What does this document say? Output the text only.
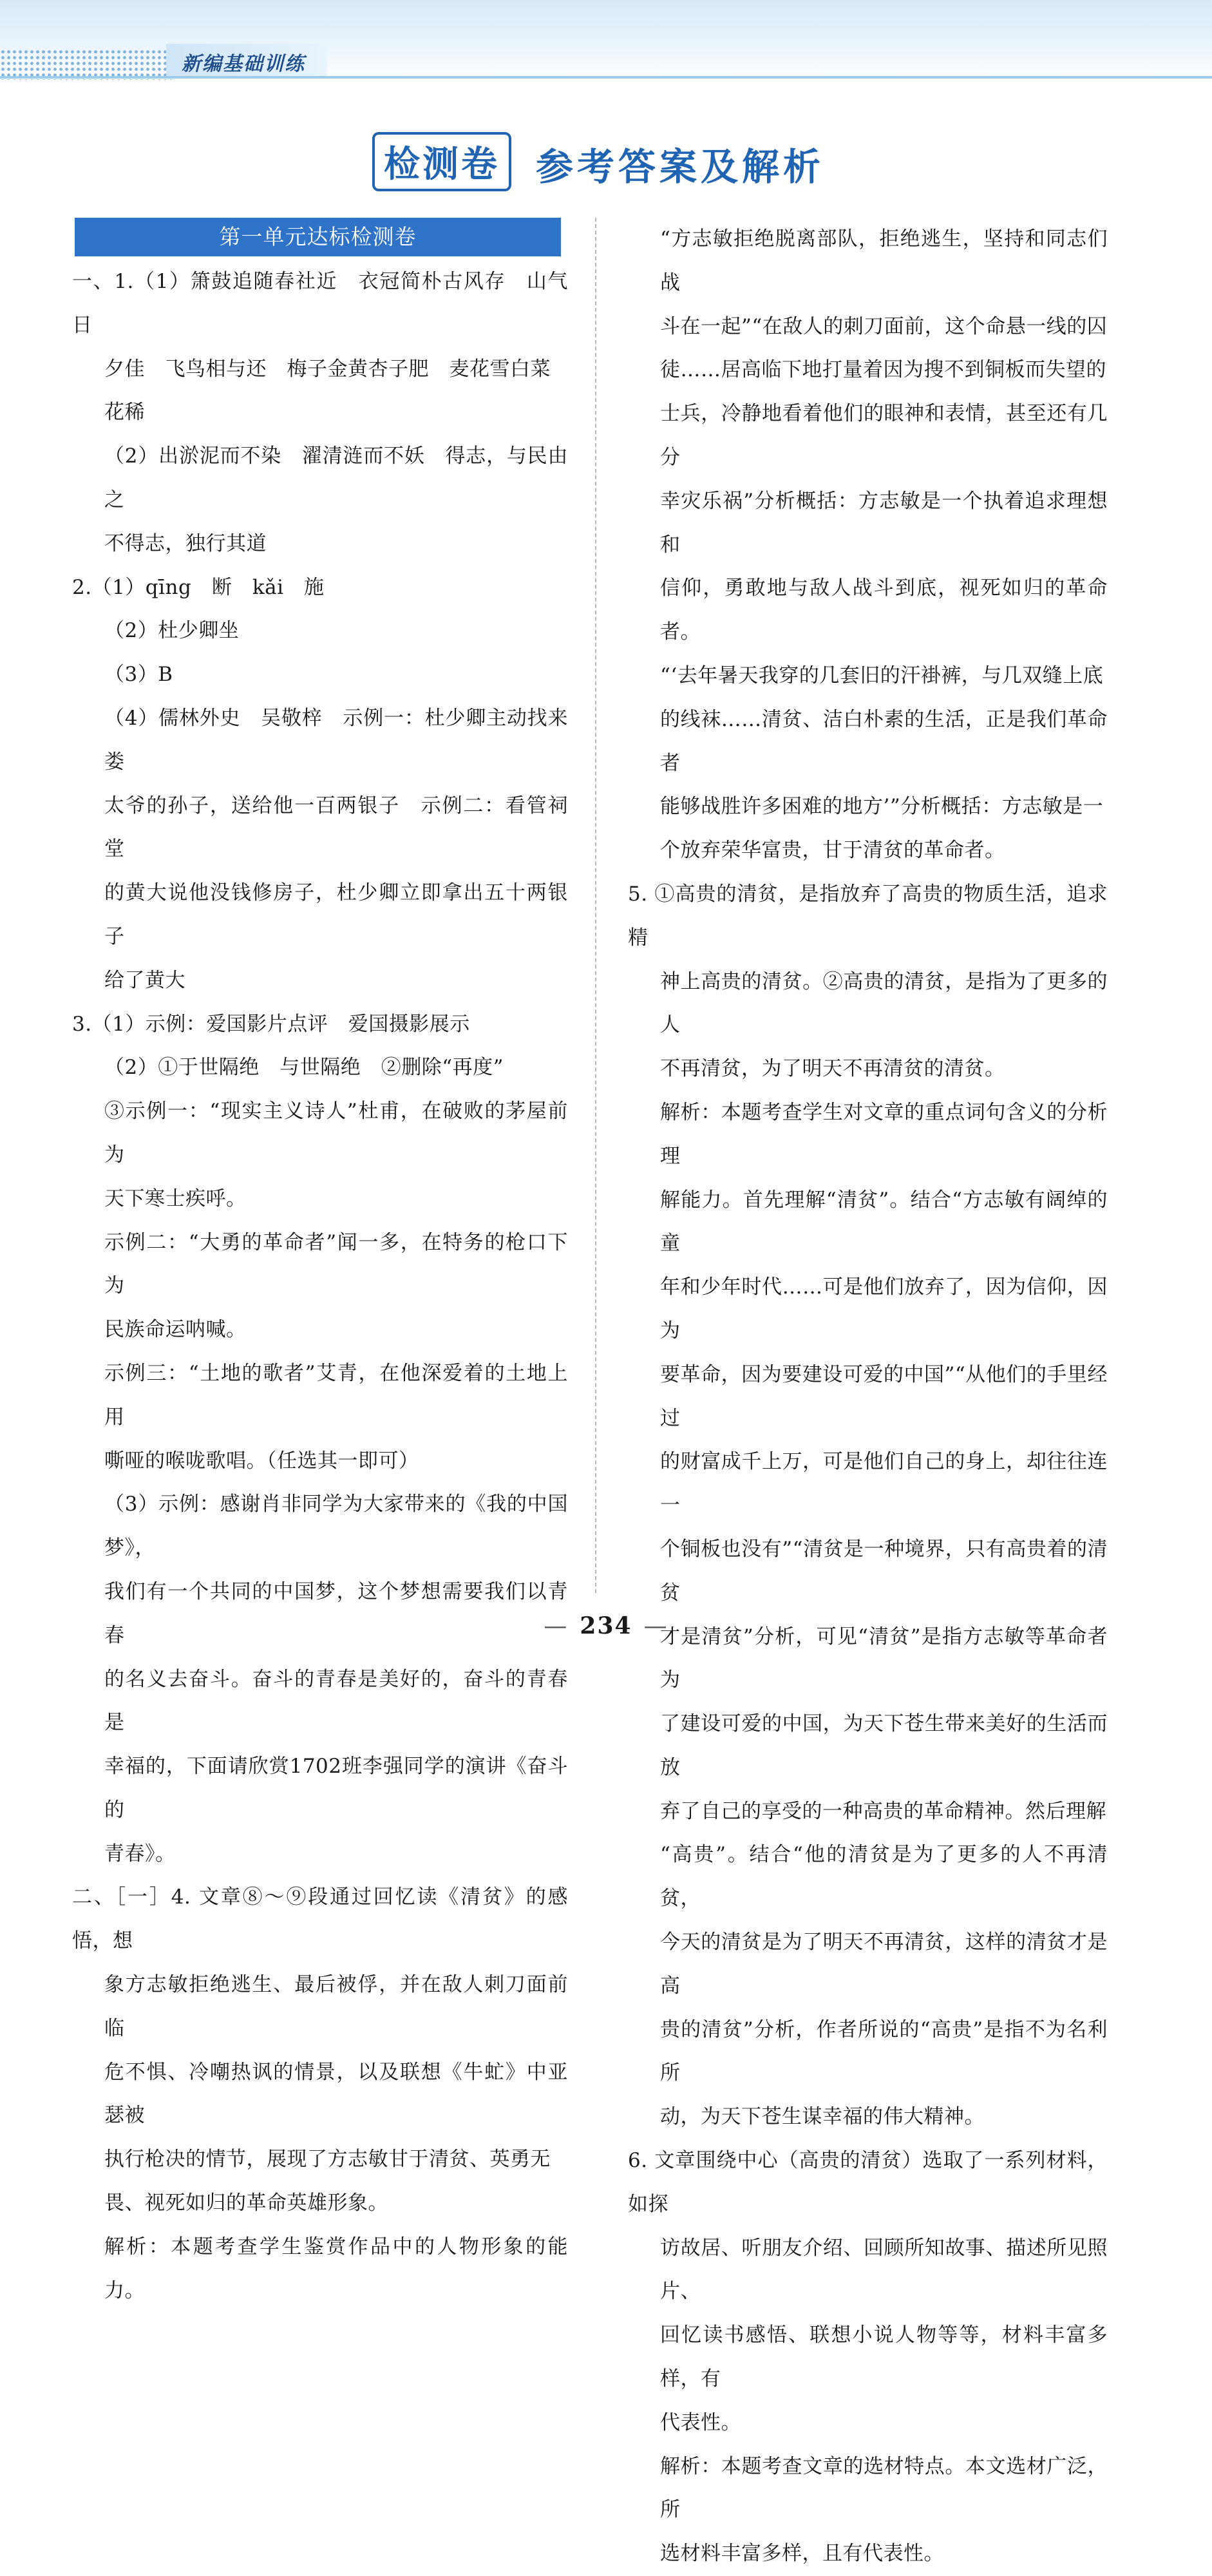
新编基础训练
检测卷 参考答案及解析
第一单元达标检测卷

一、1.（1）箫鼓追随春社近　衣冠简朴古风存　山气日

夕佳　飞鸟相与还　梅子金黄杏子肥　麦花雪白菜

花稀

（2）出淤泥而不染　濯清涟而不妖　得志，与民由之

不得志，独行其道

2.（1）qīng　断　kǎi　施

（2）杜少卿坐

（3）B

（4）儒林外史　吴敬梓　示例一：杜少卿主动找来娄

太爷的孙子，送给他一百两银子　示例二：看管祠堂

的黄大说他没钱修房子，杜少卿立即拿出五十两银子

给了黄大

3.（1）示例：爱国影片点评　爱国摄影展示

（2）①于世隔绝　与世隔绝　②删除“再度”

③示例一：“现实主义诗人”杜甫，在破败的茅屋前为

天下寒士疾呼。

示例二：“大勇的革命者”闻一多，在特务的枪口下为

民族命运呐喊。

示例三：“土地的歌者”艾青，在他深爱着的土地上用

嘶哑的喉咙歌唱。（任选其一即可）

（3）示例：感谢肖非同学为大家带来的《我的中国梦》，

我们有一个共同的中国梦，这个梦想需要我们以青春

的名义去奋斗。奋斗的青春是美好的，奋斗的青春是

幸福的，下面请欣赏1702班李强同学的演讲《奋斗的

青春》。

二、［一］4. 文章⑧～⑨段通过回忆读《清贫》的感悟，想

象方志敏拒绝逃生、最后被俘，并在敌人刺刀面前临

危不惧、冷嘲热讽的情景，以及联想《牛虻》中亚瑟被

执行枪决的情节，展现了方志敏甘于清贫、英勇无

畏、视死如归的革命英雄形象。

解析：本题考查学生鉴赏作品中的人物形象的能力。

“方志敏拒绝脱离部队，拒绝逃生，坚持和同志们战

斗在一起”“在敌人的刺刀面前，这个命悬一线的囚

徒……居高临下地打量着因为搜不到铜板而失望的

士兵，冷静地看着他们的眼神和表情，甚至还有几分

幸灾乐祸”分析概括：方志敏是一个执着追求理想和

信仰，勇敢地与敌人战斗到底，视死如归的革命者。

“‘去年暑天我穿的几套旧的汗褂裤，与几双缝上底

的线袜……清贫、洁白朴素的生活，正是我们革命者

能够战胜许多困难的地方’”分析概括：方志敏是一

个放弃荣华富贵，甘于清贫的革命者。

5. ①高贵的清贫，是指放弃了高贵的物质生活，追求精

神上高贵的清贫。②高贵的清贫，是指为了更多的人

不再清贫，为了明天不再清贫的清贫。

解析：本题考查学生对文章的重点词句含义的分析理

解能力。首先理解“清贫”。结合“方志敏有阔绰的童

年和少年时代……可是他们放弃了，因为信仰，因为

要革命，因为要建设可爱的中国”“从他们的手里经过

的财富成千上万，可是他们自己的身上，却往往连一

个铜板也没有”“清贫是一种境界，只有高贵着的清贫

才是清贫”分析，可见“清贫”是指方志敏等革命者为

了建设可爱的中国，为天下苍生带来美好的生活而放

弃了自己的享受的一种高贵的革命精神。然后理解

“高贵”。结合“他的清贫是为了更多的人不再清贫，

今天的清贫是为了明天不再清贫，这样的清贫才是高

贵的清贫”分析，作者所说的“高贵”是指不为名利所

动，为天下苍生谋幸福的伟大精神。

6. 文章围绕中心（高贵的清贫）选取了一系列材料，如探

访故居、听朋友介绍、回顾所知故事、描述所见照片、

回忆读书感悟、联想小说人物等等，材料丰富多样，有

代表性。

解析：本题考查文章的选材特点。本文选材广泛，所

选材料丰富多样，且有代表性。

— 234 —
